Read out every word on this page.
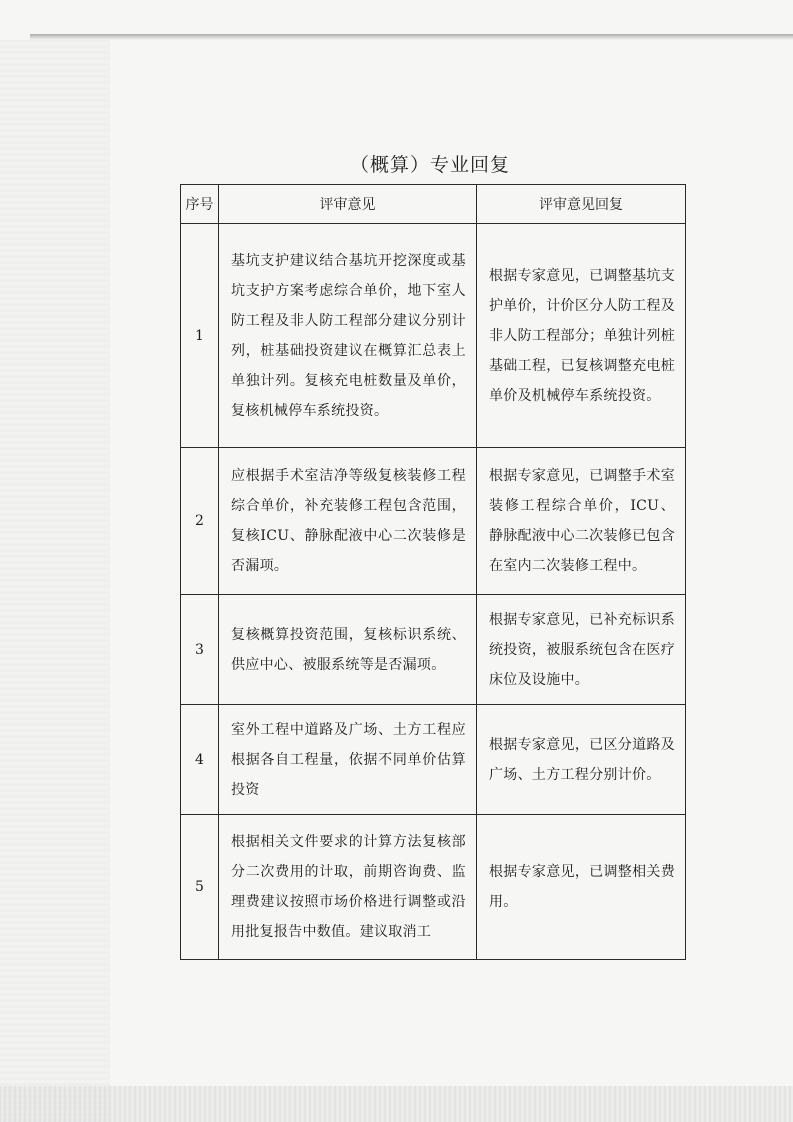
（概算）专业回复
序号	评审意见	评审意见回复
1	基坑支护建议结合基坑开挖深度或基坑支护方案考虑综合单价，地下室人防工程及非人防工程部分建议分别计列，桩基础投资建议在概算汇总表上单独计列。复核充电桩数量及单价，复核机械停车系统投资。	根据专家意见，已调整基坑支护单价，计价区分人防工程及非人防工程部分；单独计列桩基础工程，已复核调整充电桩单价及机械停车系统投资。
2	应根据手术室洁净等级复核装修工程综合单价，补充装修工程包含范围，复核ICU、静脉配液中心二次装修是否漏项。	根据专家意见，已调整手术室装修工程综合单价，ICU、静脉配液中心二次装修已包含在室内二次装修工程中。
3	复核概算投资范围，复核标识系统、供应中心、被服系统等是否漏项。	根据专家意见，已补充标识系统投资，被服系统包含在医疗床位及设施中。
4	室外工程中道路及广场、土方工程应根据各自工程量，依据不同单价估算投资	根据专家意见，已区分道路及广场、土方工程分别计价。
5	根据相关文件要求的计算方法复核部分二次费用的计取，前期咨询费、监理费建议按照市场价格进行调整或沿用批复报告中数值。建议取消工	根据专家意见，已调整相关费用。
